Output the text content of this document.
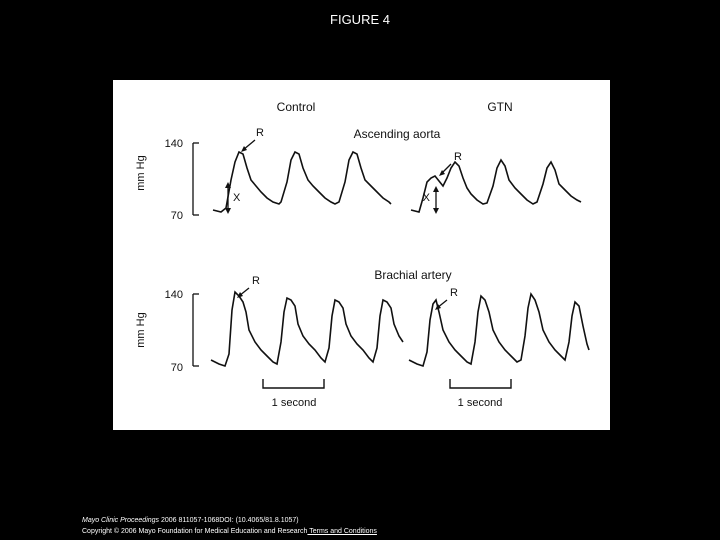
FIGURE 4
Control	GTN
Ascending aorta
Brachial artery
mm Hg
140
70
mm Hg
140
70
R
R
R
R
X	X
1 second	1 second
Mayo Clinic Proceedings 2006 811057-1068DOI: (10.4065/81.8.1057)
Copyright © 2006 Mayo Foundation for Medical Education and Research Terms and Conditions
